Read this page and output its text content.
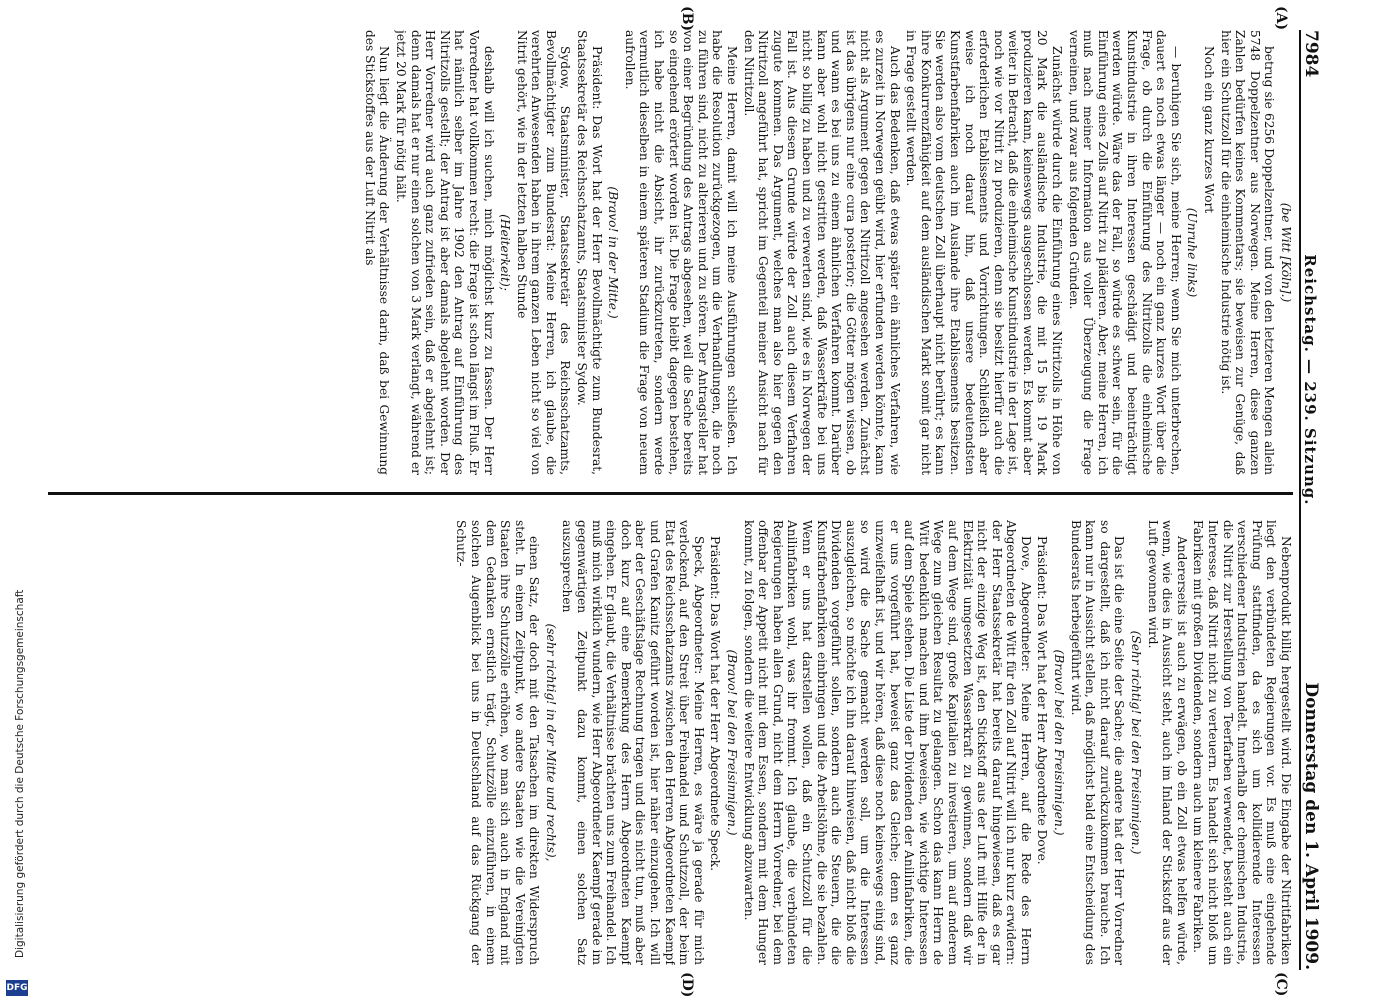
Digitalisierung gefördert durch die Deutsche Forschungsgemeinschaft
DFG
7984
Reichstag. — 239. Sitzung.
Donnerstag den 1. April 1909.
(A)
(B)
(C)
(D)

(be Witt [Köln].)

betrug sie 6256 Doppelzentner, und von den letzteren Mengen allein 5748 Doppelzentner aus Norwegen. Meine Herren, diese ganzen Zahlen bedürfen keines Kommentars; sie beweisen zur Genüge, daß hier ein Schutzzoll für die einheimische Industrie nötig ist.

Noch ein ganz kurzes Wort

(Unruhe links)

— beruhigen Sie sich, meine Herren; wenn Sie mich unterbrechen, dauert es noch etwas länger — noch ein ganz kurzes Wort über die Frage, ob durch die Einführung des Nitritzolls die einheimische Kunstindustrie in ihren Interessen geschädigt und beeinträchtigt werden würde. Wäre das der Fall, so würde es schwer sein, für die Einführung eines Zolls auf Nitrit zu plädieren. Aber, meine Herren, ich muß nach meiner Information aus voller Überzeugung die Frage verneinen, und zwar aus folgenden Gründen.

Zunächst würde durch die Einführung eines Nitritzolls in Höhe von 20 Mark die ausländische Industrie, die mit 15 bis 19 Mark produzieren kann, keineswegs ausgeschlossen werden. Es kommt aber weiter in Betracht, daß die einheimische Kunstindustrie in der Lage ist, noch wie vor Nitrit zu produzieren, denn sie besitzt hierfür auch die erforderlichen Etablissements und Vorrichtungen. Schließlich aber weise ich noch darauf hin, daß unsere bedeutendsten Kunstfarbenfabriken auch im Auslande ihre Etablissements besitzen. Sie werden also vom deutschen Zoll überhaupt nicht berührt; es kann ihre Konkurrenzfähigkeit auf dem ausländischen Markt somit gar nicht in Frage gestellt werden.

Auch das Bedenken, daß etwas später ein ähnliches Verfahren, wie es zurzeit in Norwegen geübt wird, hier erfunden werden könnte, kann nicht als Argument gegen den Nitritzoll angesehen werden. Zunächst ist das übrigens nur eine cura posterior; die Götter mögen wissen, ob und wann es bei uns zu einem ähnlichen Verfahren kommt. Darüber kann aber wohl nicht gestritten werden, daß Wasserkräfte bei uns nicht so billig zu haben und zu verwerten sind, wie es in Norwegen der Fall ist. Aus diesem Grunde würde der Zoll auch diesem Verfahren zugute kommen. Das Argument, welches man also hier gegen den Nitritzoll angeführt hat, spricht im Gegenteil meiner Ansicht nach für den Nitritzoll.

Meine Herren, damit will ich meine Ausführungen schließen. Ich habe die Resolution zurückgezogen, um die Verhandlungen, die noch zu führen sind, nicht zu alterieren und zu stören. Der Antragsteller hat von einer Begründung des Antrags abgesehen, weil die Sache bereits so eingehend erörtert worden ist. Die Frage bleibt dagegen bestehen, ich habe nicht die Absicht, ihr zurückzutreten, sondern werde vermutlich dieselben in einem späteren Stadium die Frage von neuem aufrollen.

(Bravo! in der Mitte.)

Präsident: Das Wort hat der Herr Bevollmächtigte zum Bundesrat, Staatssekretär des Reichsschatzamts, Staatsminister Sydow.

Sydow, Staatsminister, Staatssekretär des Reichsschatzamts, Bevollmächtigter zum Bundesrat: Meine Herren, ich glaube, die verehrten Anwesenden haben in ihrem ganzen Leben nicht so viel von Nitrit gehört, wie in der letzten halben Stunde

(Heiterkeit);

deshalb will ich suchen, mich möglichst kurz zu fassen. Der Herr Vorredner hat vollkommen recht: die Frage ist schon längst im Fluß. Er hat nämlich selber im Jahre 1902 den Antrag auf Einführung des Nitritzolls gestellt; der Antrag ist aber damals abgelehnt worden. Der Herr Vorredner wird auch ganz zufrieden sein, daß er abgelehnt ist; denn damals hat er nur einen solchen von 3 Mark verlangt, während er jetzt 20 Mark für nötig hält.

Nun liegt die Änderung der Verhältnisse darin, daß bei Gewinnung des Stickstoffes aus der Luft Nitrit als

Nebenprodukt billig hergestellt wird. Die Eingabe der Nitritfabriken liegt den verbündeten Regierungen vor. Es muß eine eingehende Prüfung stattfinden, da es sich um kollidierende Interessen verschiedener Industrien handelt. Innerhalb der chemischen Industrie, die Nitrit zur Herstellung von Teerfarben verwendet, besteht auch ein Interesse, daß Nitrit nicht zu verteuern. Es handelt sich nicht bloß um Fabriken mit großen Dividenden, sondern auch um kleinere Fabriken.

Andererseits ist auch zu erwägen, ob ein Zoll etwas helfen würde, wenn, wie dies in Aussicht steht, auch im Inland der Stickstoff aus der Luft gewonnen wird.

(Sehr richtig! bei den Freisinnigen.)

Das ist die eine Seite der Sache; die andere hat der Herr Vorredner so dargestellt, daß ich nicht darauf zurückzukommen brauche. Ich kann nur in Aussicht stellen, daß möglichst bald eine Entscheidung des Bundesrats herbeigeführt wird.

(Bravo! bei den Freisinnigen.)

Präsident: Das Wort hat der Herr Abgeordnete Dove.

Dove, Abgeordneter: Meine Herren, auf die Rede des Herrn Abgeordneten de Witt für den Zoll auf Nitrit will ich nur kurz erwidern: der Herr Staatssekretär hat bereits darauf hingewiesen, daß es gar nicht der einzige Weg ist, den Stickstoff aus der Luft mit Hilfe der in Elektrizität umgesetzten Wasserkraft zu gewinnen, sondern daß wir auf dem Wege sind, große Kapitalien zu investieren, um auf anderem Wege zum gleichen Resultat zu gelangen. Schon das kann Herrn de Witt bedenklich machen und ihm beweisen, wie wichtige Interessen auf dem Spiele stehen. Die Liste der Dividenden der Anilinfabriken, die er uns vorgeführt hat, beweist ganz das Gleiche; denn es ganz unzweifelhaft ist, und wir hören, daß diese noch keineswegs einig sind, so wird die Sache gemacht werden soll, um die Interessen auszugleichen, so möchte ich ihn darauf hinweisen, daß nicht bloß die Dividenden vorgeführt sollen, sondern auch die Steuern, die die Kunstfarbenfabriken einbringen und die Arbeitslöhne, die sie bezahlen. Wenn er uns hat darstellen wollen, daß ein Schutzzoll für die Anilinfabriken wohl, was ihr frommt. Ich glaube, die verbündeten Regierungen haben allen Grund, nicht dem Herrn Vorredner, bei dem offenbar der Appetit nicht mit dem Essen, sondern mit dem Hunger kommt, zu folgen, sondern die weitere Entwicklung abzuwarten.

(Bravo! bei den Freisinnigen.)

Präsident: Das Wort hat der Herr Abgeordnete Speck.

Speck, Abgeordneter: Meine Herren, es wäre ja gerade für mich verlockend, auf den Streit über Freihandel und Schutzzoll, der beim Etat des Reichsschatzamts zwischen den Herren Abgeordneten Kaempf und Grafen Kanitz geführt worden ist, hier näher einzugehen. Ich will aber der Geschäftslage Rechnung tragen und dies nicht tun, muß aber doch kurz auf eine Bemerkung des Herrn Abgeordneten Kaempf eingehen. Er glaubt, die Verhältnisse brächten uns zum Freihandel. Ich muß mich wirklich wundern, wie Herr Abgeordneter Kaempf gerade im gegenwärtigen Zeitpunkt dazu kommt, einen solchen Satz auszusprechen

(sehr richtig! in der Mitte und rechts),

einen Satz, der doch mit den Tatsachen im direkten Widerspruch steht. In einem Zeitpunkt, wo andere Staaten wie die Vereinigten Staaten ihre Schutzzölle erhöhen, wo man sich auch in England mit dem Gedanken ernstlich trägt, Schutzzölle einzuführen, in einem solchen Augenblick bei uns in Deutschland auf das Rückgang der Schutz-
